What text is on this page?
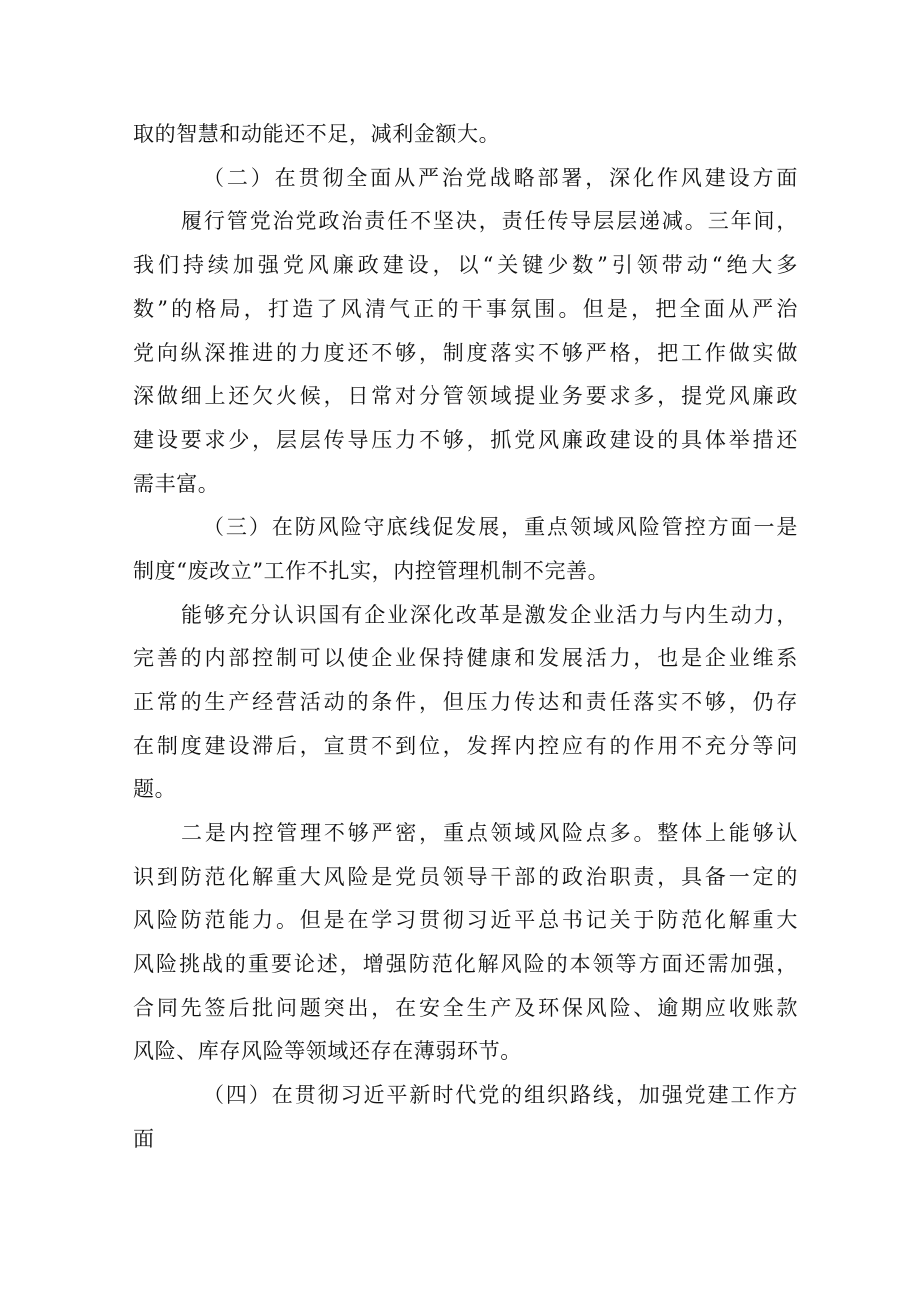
取的智慧和动能还不足，减利金额大。
（二）在贯彻全面从严治党战略部署，深化作风建设方面
履行管党治党政治责任不坚决，责任传导层层递减。三年间，
我们持续加强党风廉政建设，以“关键少数”引领带动“绝大多
数”的格局，打造了风清气正的干事氛围。但是，把全面从严治
党向纵深推进的力度还不够，制度落实不够严格，把工作做实做
深做细上还欠火候，日常对分管领域提业务要求多，提党风廉政
建设要求少，层层传导压力不够，抓党风廉政建设的具体举措还
需丰富。
（三）在防风险守底线促发展，重点领域风险管控方面一是
制度“废改立”工作不扎实，内控管理机制不完善。
能够充分认识国有企业深化改革是激发企业活力与内生动力，
完善的内部控制可以使企业保持健康和发展活力，也是企业维系
正常的生产经营活动的条件，但压力传达和责任落实不够，仍存
在制度建设滞后，宣贯不到位，发挥内控应有的作用不充分等问
题。
二是内控管理不够严密，重点领域风险点多。整体上能够认
识到防范化解重大风险是党员领导干部的政治职责，具备一定的
风险防范能力。但是在学习贯彻习近平总书记关于防范化解重大
风险挑战的重要论述，增强防范化解风险的本领等方面还需加强，
合同先签后批问题突出，在安全生产及环保风险、逾期应收账款
风险、库存风险等领域还存在薄弱环节。
（四）在贯彻习近平新时代党的组织路线，加强党建工作方
面
